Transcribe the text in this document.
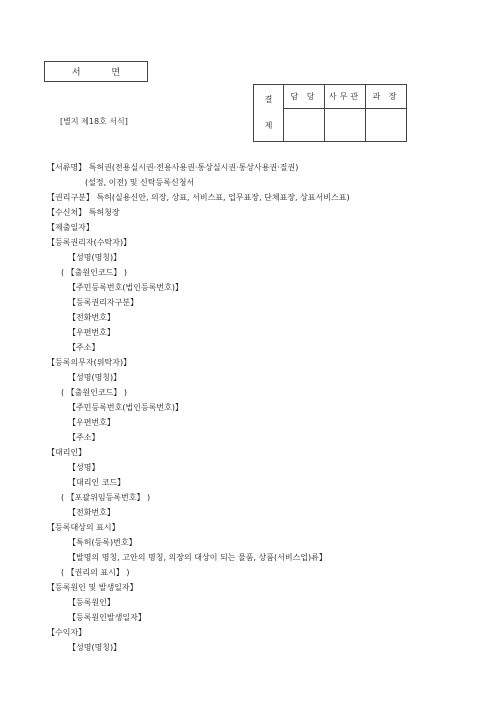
서 면
[별지 제18호 서식]
결
제	담 당	사무관	과 장

【서류명】 특허권(전용실시권·전용사용권·통상실시권·통상사용권·질권)
(설정, 이전) 및 신탁등록신청서
【권리구분】 특허(실용신안, 의장, 상표, 서비스표, 업무표장, 단체표장, 상표서비스표)
【수신처】 특허청장
【제출일자】
【등록권리자(수탁자)】
【성명(명칭)】
( 【출원인코드】 )
【주민등록번호(법인등록번호)】
【등록권리자구분】
【전화번호】
【우편번호】
【주소】
【등록의무자(위탁자)】
【성명(명칭)】
( 【출원인코드】 )
【주민등록번호(법인등록번호)】
【우편번호】
【주소】
【대리인】
【성명】
【대리인 코드】
( 【포괄위임등록번호】 )
【전화번호】
【등록대상의 표시】
【특허(등록)번호】
【발명의 명칭, 고안의 명칭, 의장의 대상이 되는 물품, 상품(서비스업)류】
( 【권리의 표시】 )
【등록원인 및 발생일자】
【등록원인】
【등록원인발생일자】
【수익자】
【성명(명칭)】
